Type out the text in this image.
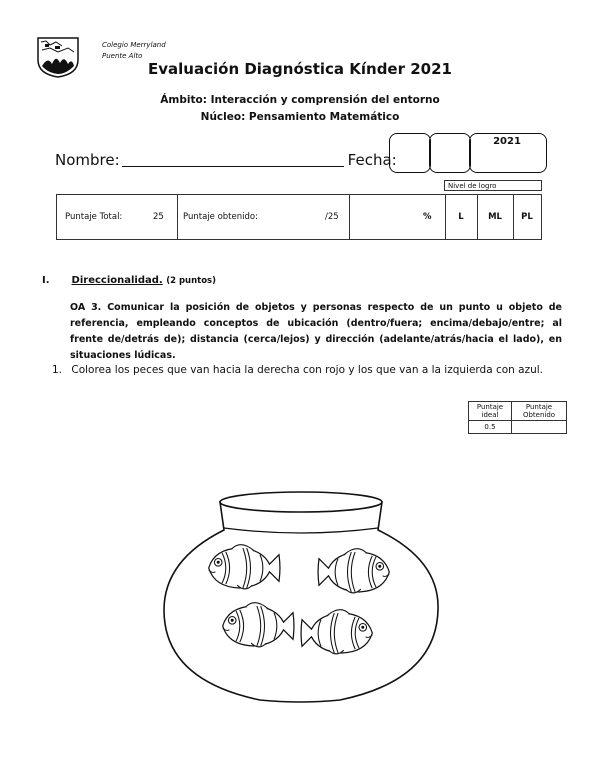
Colegio Merryland
Puente Alto
Evaluación Diagnóstica Kínder 2021
Ámbito: Interacción y comprensión del entorno
Núcleo: Pensamiento Matemático
Nombre:	Fecha:
2021
Nivel de logro
Puntaje Total:	25 Puntaje obtenido:	/25	%	L	ML	PL
I. Direccionalidad. (2 puntos)
OA 3. Comunicar la posición de objetos y personas respecto de un punto u objeto de referencia, empleando conceptos de ubicación (dentro/fuera; encima/debajo/entre; al frente de/detrás de); distancia (cerca/lejos) y dirección (adelante/atrás/hacia el lado), en situaciones lúdicas.
1. Colorea los peces que van hacia la derecha con rojo y los que van a la izquierda con azul.
Puntaje ideal	Puntaje Obtenido
0.5	
